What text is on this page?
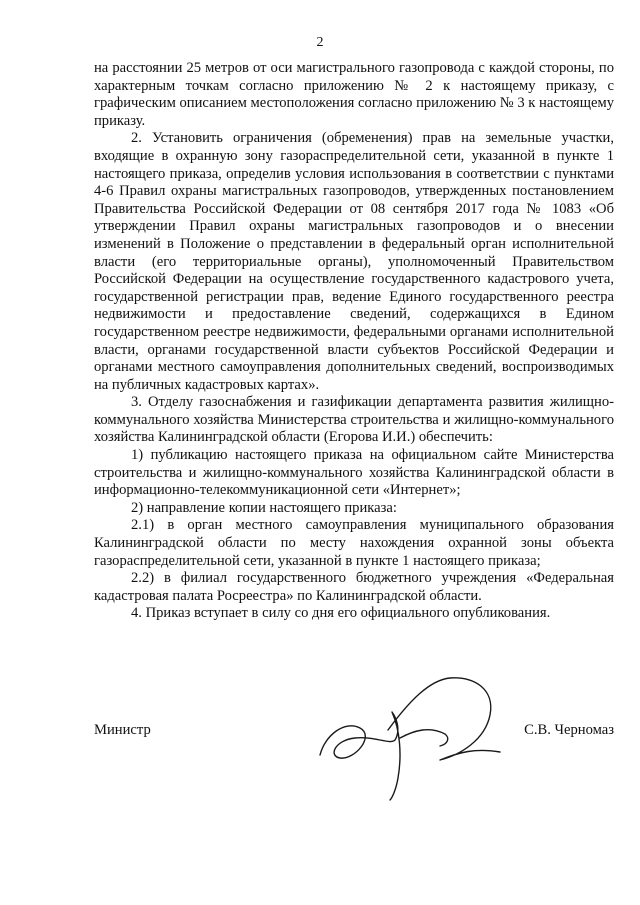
2

на расстоянии 25 метров от оси магистрального газопровода с каждой стороны, по характерным точкам согласно приложению № 2 к настоящему приказу, с графическим описанием местоположения согласно приложению № 3 к настоящему приказу.

2. Установить ограничения (обременения) прав на земельные участки, входящие в охранную зону газораспределительной сети, указанной в пункте 1 настоящего приказа, определив условия использования в соответствии с пунктами 4-6 Правил охраны магистральных газопроводов, утвержденных постановлением Правительства Российской Федерации от 08 сентября 2017 года № 1083 «Об утверждении Правил охраны магистральных газопроводов и о внесении изменений в Положение о представлении в федеральный орган исполнительной власти (его территориальные органы), уполномоченный Правительством Российской Федерации на осуществление государственного кадастрового учета, государственной регистрации прав, ведение Единого государственного реестра недвижимости и предоставление сведений, содержащихся в Едином государственном реестре недвижимости, федеральными органами исполнительной власти, органами государственной власти субъектов Российской Федерации и органами местного самоуправления дополнительных сведений, воспроизводимых на публичных кадастровых картах».

3. Отделу газоснабжения и газификации департамента развития жилищно-коммунального хозяйства Министерства строительства и жилищно-коммунального хозяйства Калининградской области (Егорова И.И.) обеспечить:

1) публикацию настоящего приказа на официальном сайте Министерства строительства и жилищно-коммунального хозяйства Калининградской области в информационно-телекоммуникационной сети «Интернет»;

2) направление копии настоящего приказа:

2.1) в орган местного самоуправления муниципального образования Калининградской области по месту нахождения охранной зоны объекта газораспределительной сети, указанной в пункте 1 настоящего приказа;

2.2) в филиал государственного бюджетного учреждения «Федеральная кадастровая палата Росреестра» по Калининградской области.

4. Приказ вступает в силу со дня его официального опубликования.

Министр	С.В. Черномаз
